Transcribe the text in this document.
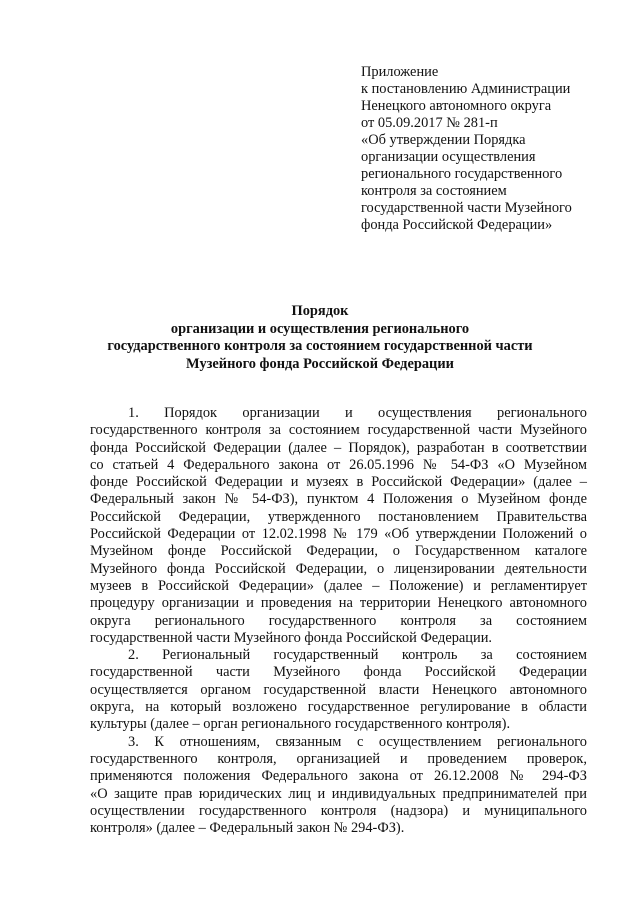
Приложение
к постановлению Администрации
Ненецкого автономного округа
от 05.09.2017 № 281-п
«Об утверждении Порядка
организации осуществления
регионального государственного
контроля за состоянием
государственной части Музейного
фонда Российской Федерации»
Порядок
организации и осуществления регионального
государственного контроля за состоянием государственной части
Музейного фонда Российской Федерации
1. Порядок организации и осуществления регионального
государственного контроля за состоянием государственной части Музейного
фонда Российской Федерации (далее – Порядок), разработан в соответствии
со статьей 4 Федерального закона от 26.05.1996 № 54-ФЗ «О Музейном
фонде Российской Федерации и музеях в Российской Федерации» (далее –
Федеральный закон № 54-ФЗ), пунктом 4 Положения о Музейном фонде
Российской Федерации, утвержденного постановлением Правительства
Российской Федерации от 12.02.1998 № 179 «Об утверждении Положений о
Музейном фонде Российской Федерации, о Государственном каталоге
Музейного фонда Российской Федерации, о лицензировании деятельности
музеев в Российской Федерации» (далее – Положение) и регламентирует
процедуру организации и проведения на территории Ненецкого автономного
округа регионального государственного контроля за состоянием
государственной части Музейного фонда Российской Федерации.
2. Региональный государственный контроль за состоянием
государственной части Музейного фонда Российской Федерации
осуществляется органом государственной власти Ненецкого автономного
округа, на который возложено государственное регулирование в области
культуры (далее – орган регионального государственного контроля).
3. К отношениям, связанным с осуществлением регионального
государственного контроля, организацией и проведением проверок,
применяются положения Федерального закона от 26.12.2008 № 294-ФЗ
«О защите прав юридических лиц и индивидуальных предпринимателей при
осуществлении государственного контроля (надзора) и муниципального
контроля» (далее – Федеральный закон № 294-ФЗ).
